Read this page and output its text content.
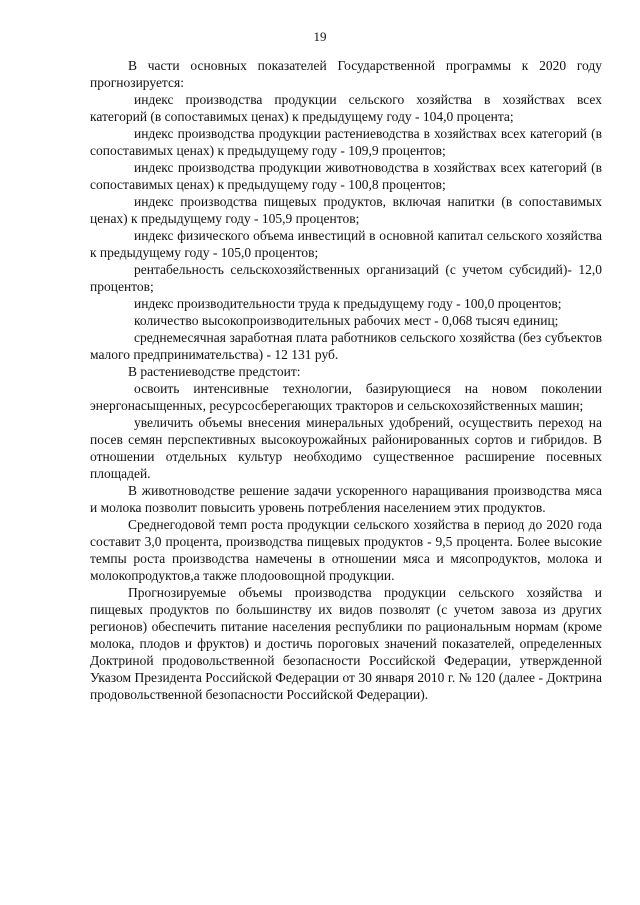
19

В части основных показателей Государственной программы к 2020 году прогнозируется:

индекс производства продукции сельского хозяйства в хозяйствах всех категорий (в сопоставимых ценах) к предыдущему году - 104,0 процента;

индекс производства продукции растениеводства в хозяйствах всех категорий (в сопоставимых ценах) к предыдущему году - 109,9 процентов;

индекс производства продукции животноводства в хозяйствах всех категорий (в сопоставимых ценах) к предыдущему году - 100,8 процентов;

индекс производства пищевых продуктов, включая напитки (в сопоставимых ценах) к предыдущему году - 105,9 процентов;

индекс физического объема инвестиций в основной капитал сельского хозяйства к предыдущему году - 105,0 процентов;

рентабельность сельскохозяйственных организаций (с учетом субсидий)- 12,0 процентов;

индекс производительности труда к предыдущему году - 100,0 процентов;

количество высокопроизводительных рабочих мест - 0,068 тысяч единиц;

среднемесячная заработная плата работников сельского хозяйства (без субъектов малого предпринимательства) - 12 131 руб.

В растениеводстве предстоит:

освоить интенсивные технологии, базирующиеся на новом поколении энергонасыщенных, ресурсосберегающих тракторов и сельскохозяйственных машин;

увеличить объемы внесения минеральных удобрений, осуществить переход на посев семян перспективных высокоурожайных районированных сортов и гибридов. В отношении отдельных культур необходимо существенное расширение посевных площадей.

В животноводстве решение задачи ускоренного наращивания производства мяса и молока позволит повысить уровень потребления населением этих продуктов.

Среднегодовой темп роста продукции сельского хозяйства в период до 2020 года составит 3,0 процента, производства пищевых продуктов - 9,5 процента. Более высокие темпы роста производства намечены в отношении мяса и мясопродуктов, молока и молокопродуктов,а также плодоовощной продукции.

Прогнозируемые объемы производства продукции сельского хозяйства и пищевых продуктов по большинству их видов позволят (с учетом завоза из других регионов) обеспечить питание населения республики по рациональным нормам (кроме молока, плодов и фруктов) и достичь пороговых значений показателей, определенных Доктриной продовольственной безопасности Российской Федерации, утвержденной Указом Президента Российской Федерации от 30 января 2010 г. № 120 (далее - Доктрина продовольственной безопасности Российской Федерации).
